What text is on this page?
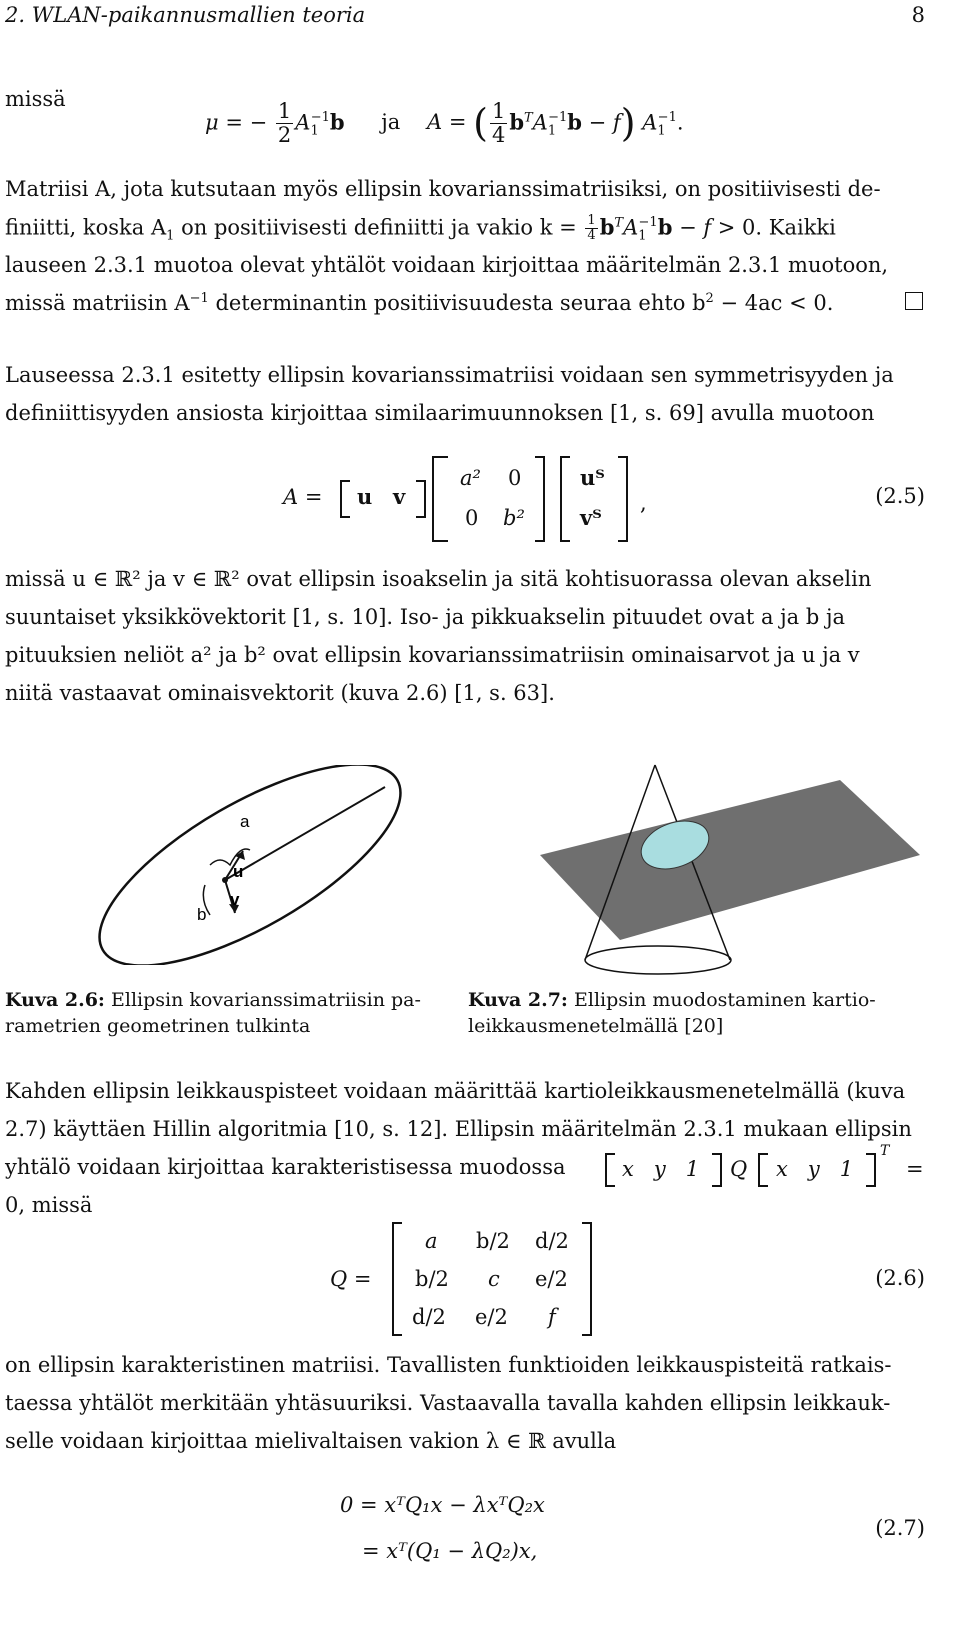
2. WLAN-paikannusmallien teoria	8
missä
μ = − $\frac{1}{2} A_1^{-1}b$ ja A = ( $\frac{1}{4} b^TA_1^{-1}b - f$) $A_1^{-1}$.
Matriisi A, jota kutsutaan myös ellipsin kovarianssimatriisiksi, on positiivisesti de-
finiitti, koska $A_1$ on positiivisesti definiitti ja vakio $k = \frac{1}{4} b^TA_1^{-1}b - f > 0$. Kaikki
lauseen 2.3.1 muotoa olevat yhtälöt voidaan kirjoittaa määritelmän 2.3.1 muotoon,
missä matriisin $A^{-1}$ determinantin positiivisuudesta seuraa ehto $b^2 - 4ac < 0$.
Lauseessa 2.3.1 esitetty ellipsin kovarianssimatriisi voidaan sen symmetrisyyden ja
definiittisyyden ansiosta kirjoittaa similaarimuunnoksen [1, s. 69] avulla muotoon
A = u v
a² 0
0 b²
uᵀ
vᵀ
,	(2.5)
missä u ∈ ℝ² ja v ∈ ℝ² ovat ellipsin isoakselin ja sitä kohtisuorassa olevan akselin
suuntaiset yksikkövektorit [1, s. 10]. Iso- ja pikkuakselin pituudet ovat a ja b ja
pituuksien neliöt a² ja b² ovat ellipsin kovarianssimatriisin ominaisarvot ja u ja v
niitä vastaavat ominaisvektorit (kuva 2.6) [1, s. 63].
a
u
v
b
Kuva 2.6: Ellipsin kovarianssimatriisin pa-
rametrien geometrinen tulkinta
Kuva 2.7: Ellipsin muodostaminen kartio-
leikkausmenetelmällä [20]
Kahden ellipsin leikkauspisteet voidaan määrittää kartioleikkausmenetelmällä (kuva
2.7) käyttäen Hillin algoritmia [10, s. 12]. Ellipsin määritelmän 2.3.1 mukaan ellipsin
yhtälö voidaan kirjoittaa karakteristisessa muodossa
0, missä
x   y   1 Q x   y   1
T
=
Q =
a b/2 d/2
b/2 c e/2
d/2 e/2 f
(2.6)
on ellipsin karakteristinen matriisi. Tavallisten funktioiden leikkauspisteitä ratkais-
taessa yhtälöt merkitään yhtäsuuriksi. Vastaavalla tavalla kahden ellipsin leikkauk-
selle voidaan kirjoittaa mielivaltaisen vakion λ ∈ ℝ avulla
0 = xᵀQ₁x − λxᵀQ₂x
= xᵀ(Q₁ − λQ₂)x,
(2.7)
